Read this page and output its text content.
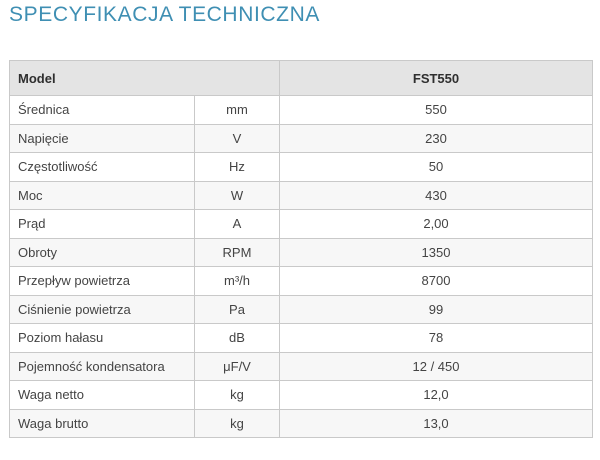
SPECYFIKACJA TECHNICZNA
Model		FST550
Średnica	mm	550
Napięcie	V	230
Częstotliwość	Hz	50
Moc	W	430
Prąd	A	2,00
Obroty	RPM	1350
Przepływ powietrza	m³/h	8700
Ciśnienie powietrza	Pa	99
Poziom hałasu	dB	78
Pojemność kondensatora	μF/V	12 / 450
Waga netto	kg	12,0
Waga brutto	kg	13,0
